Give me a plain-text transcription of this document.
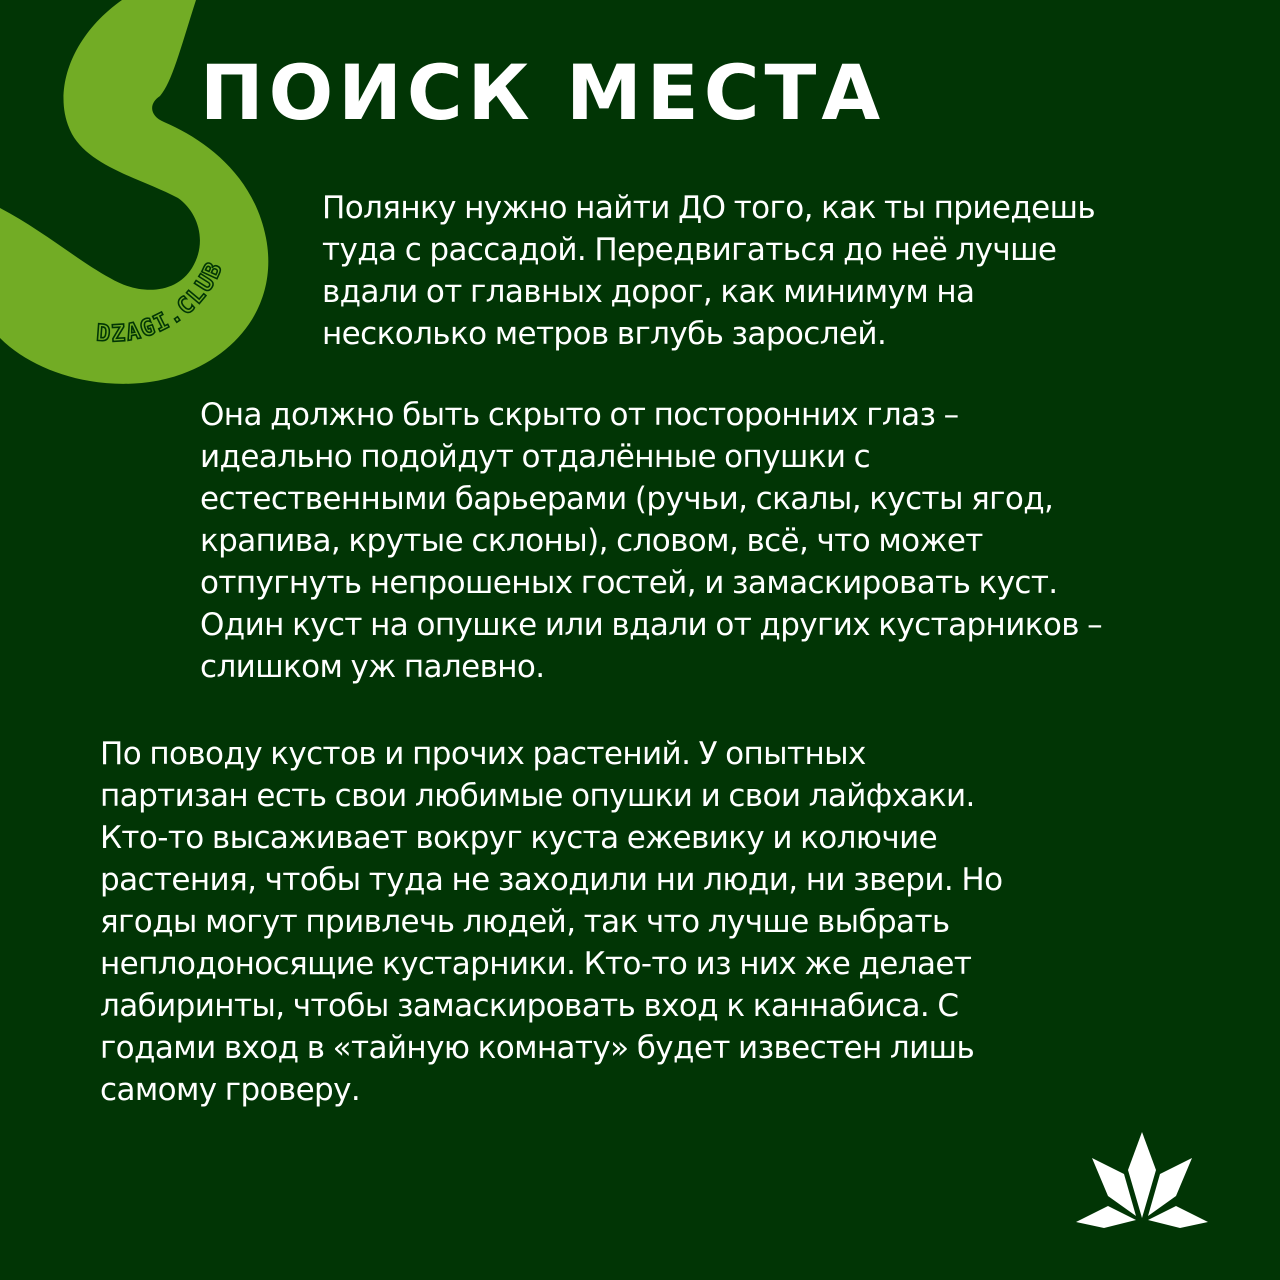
DZAGI.CLUB
ПОИСК МЕСТА

Полянку нужно найти ДО того, как ты приедешь
туда с рассадой. Передвигаться до неё лучше
вдали от главных дорог, как минимум на
несколько метров вглубь зарослей.

Она должно быть скрыто от посторонних глаз –
идеально подойдут отдалённые опушки с
естественными барьерами (ручьи, скалы, кусты ягод,
крапива, крутые склоны), словом, всё, что может
отпугнуть непрошеных гостей, и замаскировать куст.
Один куст на опушке или вдали от других кустарников –
слишком уж палевно.

По поводу кустов и прочих растений. У опытных
партизан есть свои любимые опушки и свои лайфхаки.
Кто-то высаживает вокруг куста ежевику и колючие
растения, чтобы туда не заходили ни люди, ни звери. Но
ягоды могут привлечь людей, так что лучше выбрать
неплодоносящие кустарники. Кто-то из них же делает
лабиринты, чтобы замаскировать вход к каннабиса. С
годами вход в «тайную комнату» будет известен лишь
самому гроверу.
